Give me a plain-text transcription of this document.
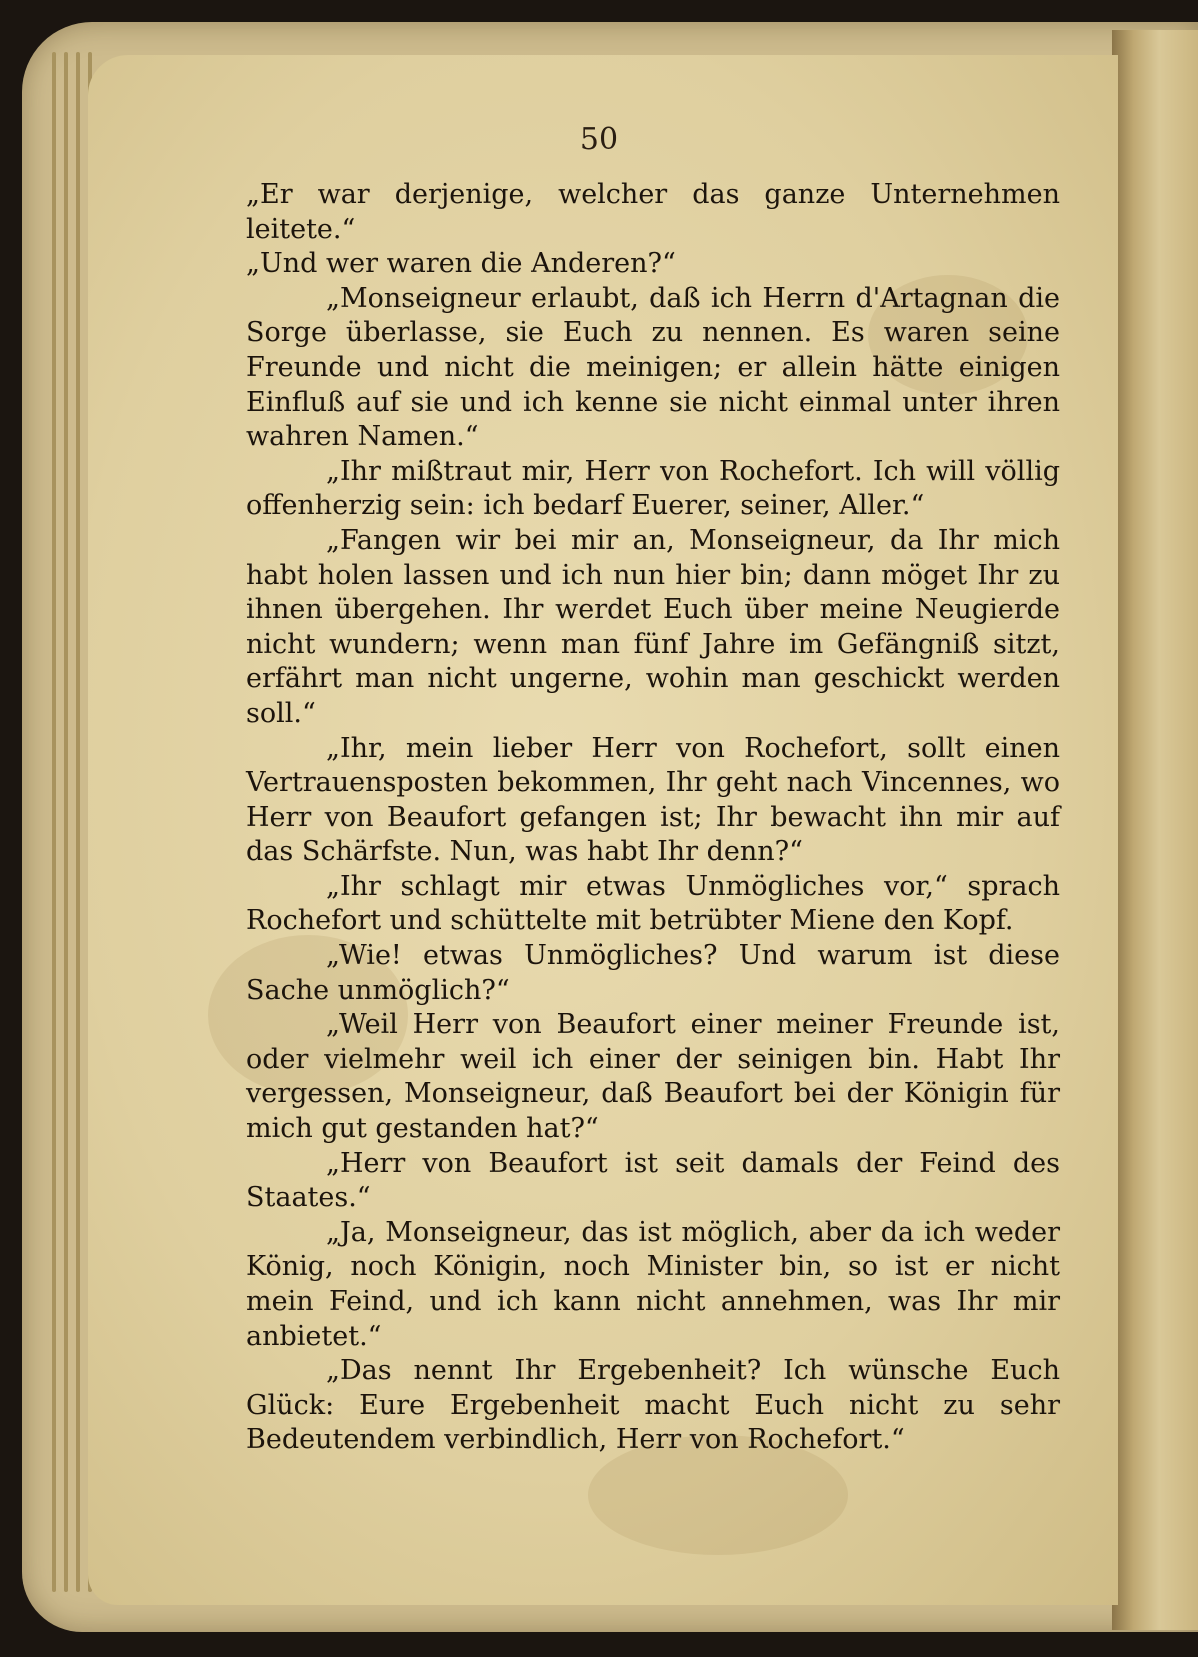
50

„Er war derjenige, welcher das ganze Unternehmen leitete.“

„Und wer waren die Anderen?“

„Monseigneur erlaubt, daß ich Herrn d'Artagnan die Sorge überlasse, sie Euch zu nennen. Es waren seine Freunde und nicht die meinigen; er allein hätte einigen Einfluß auf sie und ich kenne sie nicht einmal unter ihren wahren Namen.“

„Ihr mißtraut mir, Herr von Rochefort. Ich will völlig offenherzig sein: ich bedarf Euerer, seiner, Aller.“

„Fangen wir bei mir an, Monseigneur, da Ihr mich habt holen lassen und ich nun hier bin; dann möget Ihr zu ihnen übergehen. Ihr werdet Euch über meine Neugierde nicht wundern; wenn man fünf Jahre im Gefängniß sitzt, erfährt man nicht ungerne, wohin man geschickt werden soll.“

„Ihr, mein lieber Herr von Rochefort, sollt einen Vertrauensposten bekommen, Ihr geht nach Vincennes, wo Herr von Beaufort gefangen ist; Ihr bewacht ihn mir auf das Schärfste. Nun, was habt Ihr denn?“

„Ihr schlagt mir etwas Unmögliches vor,“ sprach Rochefort und schüttelte mit betrübter Miene den Kopf.

„Wie! etwas Unmögliches? Und warum ist diese Sache unmöglich?“

„Weil Herr von Beaufort einer meiner Freunde ist, oder vielmehr weil ich einer der seinigen bin. Habt Ihr vergessen, Monseigneur, daß Beaufort bei der Königin für mich gut gestanden hat?“

„Herr von Beaufort ist seit damals der Feind des Staates.“

„Ja, Monseigneur, das ist möglich, aber da ich weder König, noch Königin, noch Minister bin, so ist er nicht mein Feind, und ich kann nicht annehmen, was Ihr mir anbietet.“

„Das nennt Ihr Ergebenheit? Ich wünsche Euch Glück: Eure Ergebenheit macht Euch nicht zu sehr Bedeutendem verbindlich, Herr von Rochefort.“
